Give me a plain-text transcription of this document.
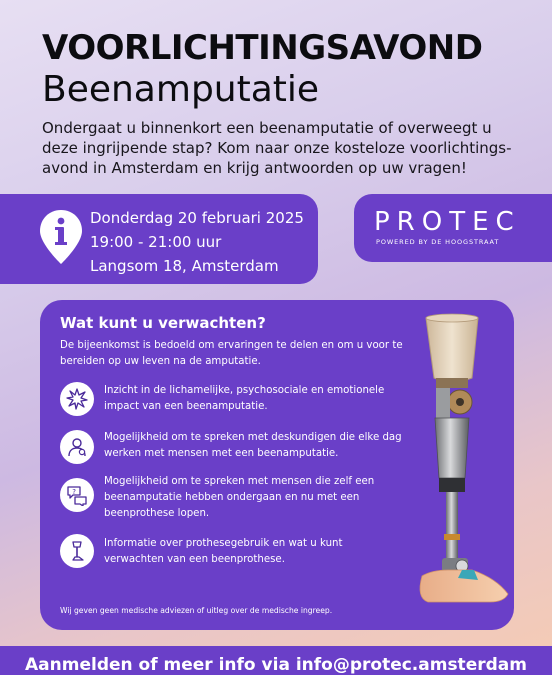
VOORLICHTINGSAVOND
Beenamputatie
Ondergaat u binnenkort een beenamputatie of overweegt u deze ingrijpende stap? Kom naar onze kosteloze voorlichtings-avond in Amsterdam en krijg antwoorden op uw vragen!
Donderdag 20 februari 2025
19:00 - 21:00 uur
Langsom 18, Amsterdam
PROTEC
POWERED BY DE HOOGSTRAAT
Wat kunt u verwachten?
De bijeenkomst is bedoeld om ervaringen te delen en om u voor te bereiden op uw leven na de amputatie.
Inzicht in de lichamelijke, psychosociale en emotionele impact van een beenamputatie.
Mogelijkheid om te spreken met deskundigen die elke dag werken met mensen met een beenamputatie.
?
Mogelijkheid om te spreken met mensen die zelf een beenamputatie hebben ondergaan en nu met een beenprothese lopen.
Informatie over prothesegebruik en wat u kunt verwachten van een beenprothese.
Wij geven geen medische adviezen of uitleg over de medische ingreep.
Aanmelden of meer info via info@protec.amsterdam
